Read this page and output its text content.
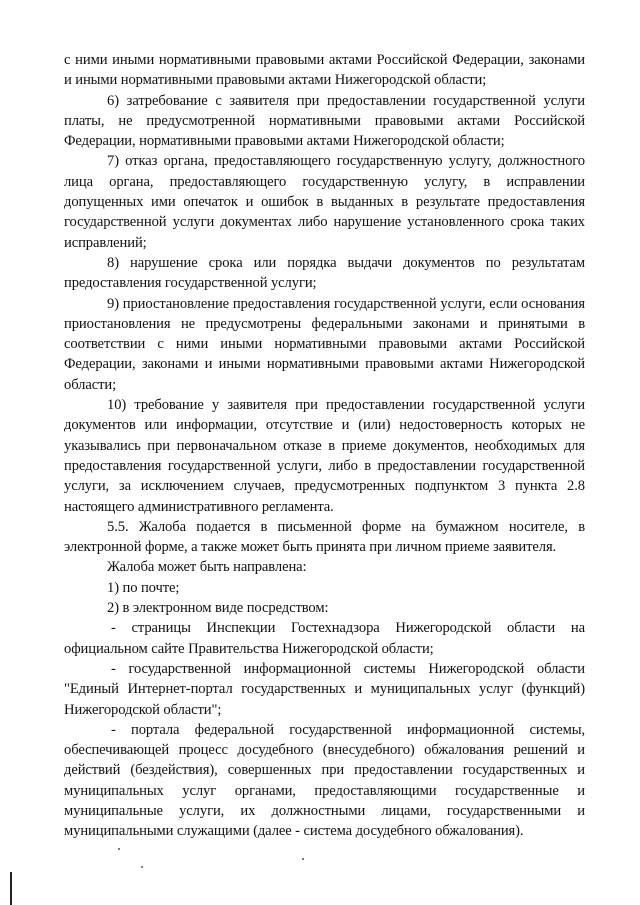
с ними иными нормативными правовыми актами Российской Федерации, законами и иными нормативными правовыми актами Нижегородской области;

6) затребование с заявителя при предоставлении государственной услуги платы, не предусмотренной нормативными правовыми актами Российской Федерации, нормативными правовыми актами Нижегородской области;

7) отказ органа, предоставляющего государственную услугу, должностного лица органа, предоставляющего государственную услугу, в исправлении допущенных ими опечаток и ошибок в выданных в результате предоставления государственной услуги документах либо нарушение установленного срока таких исправлений;

8) нарушение срока или порядка выдачи документов по результатам предоставления государственной услуги;

9) приостановление предоставления государственной услуги, если основания приостановления не предусмотрены федеральными законами и принятыми в соответствии с ними иными нормативными правовыми актами Российской Федерации, законами и иными нормативными правовыми актами Нижегородской области;

10) требование у заявителя при предоставлении государственной услуги документов или информации, отсутствие и (или) недостоверность которых не указывались при первоначальном отказе в приеме документов, необходимых для предоставления государственной услуги, либо в предоставлении государственной услуги, за исключением случаев, предусмотренных подпунктом 3 пункта 2.8 настоящего административного регламента.

5.5. Жалоба подается в письменной форме на бумажном носителе, в электронной форме, а также может быть принята при личном приеме заявителя.

Жалоба может быть направлена:

1) по почте;

2) в электронном виде посредством:

- страницы Инспекции Гостехнадзора Нижегородской области на официальном сайте Правительства Нижегородской области;

- государственной информационной системы Нижегородской области "Единый Интернет-портал государственных и муниципальных услуг (функций) Нижегородской области";

- портала федеральной государственной информационной системы, обеспечивающей процесс досудебного (внесудебного) обжалования решений и действий (бездействия), совершенных при предоставлении государственных и муниципальных услуг органами, предоставляющими государственные и муниципальные услуги, их должностными лицами, государственными и муниципальными служащими (далее - система досудебного обжалования).
